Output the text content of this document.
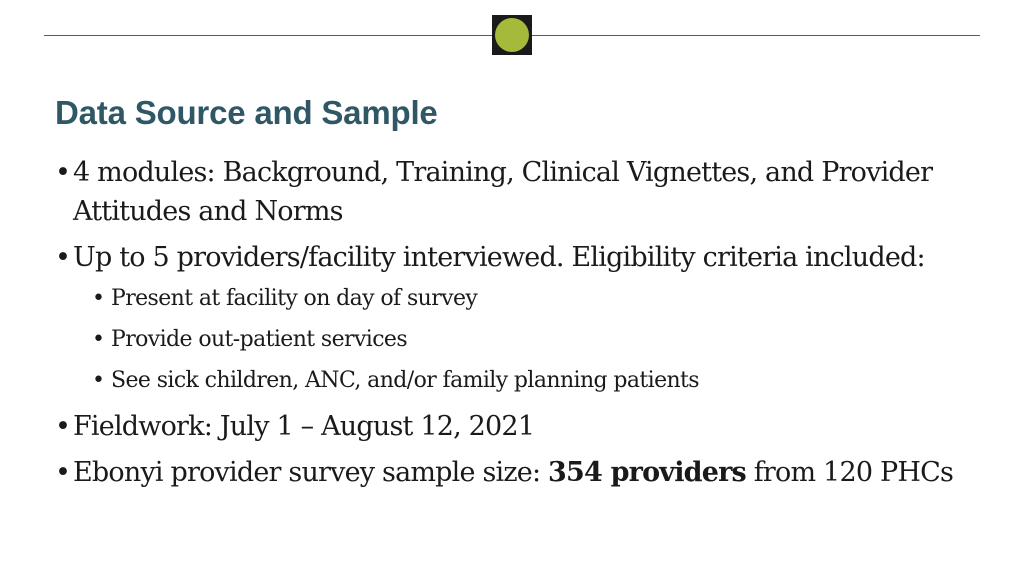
Data Source and Sample
• 4 modules: Background, Training, Clinical Vignettes, and Provider Attitudes and Norms
• Up to 5 providers/facility interviewed. Eligibility criteria included:
• Present at facility on day of survey
• Provide out-patient services
• See sick children, ANC, and/or family planning patients
• Fieldwork: July 1 – August 12, 2021
• Ebonyi provider survey sample size: 354 providers from 120 PHCs
